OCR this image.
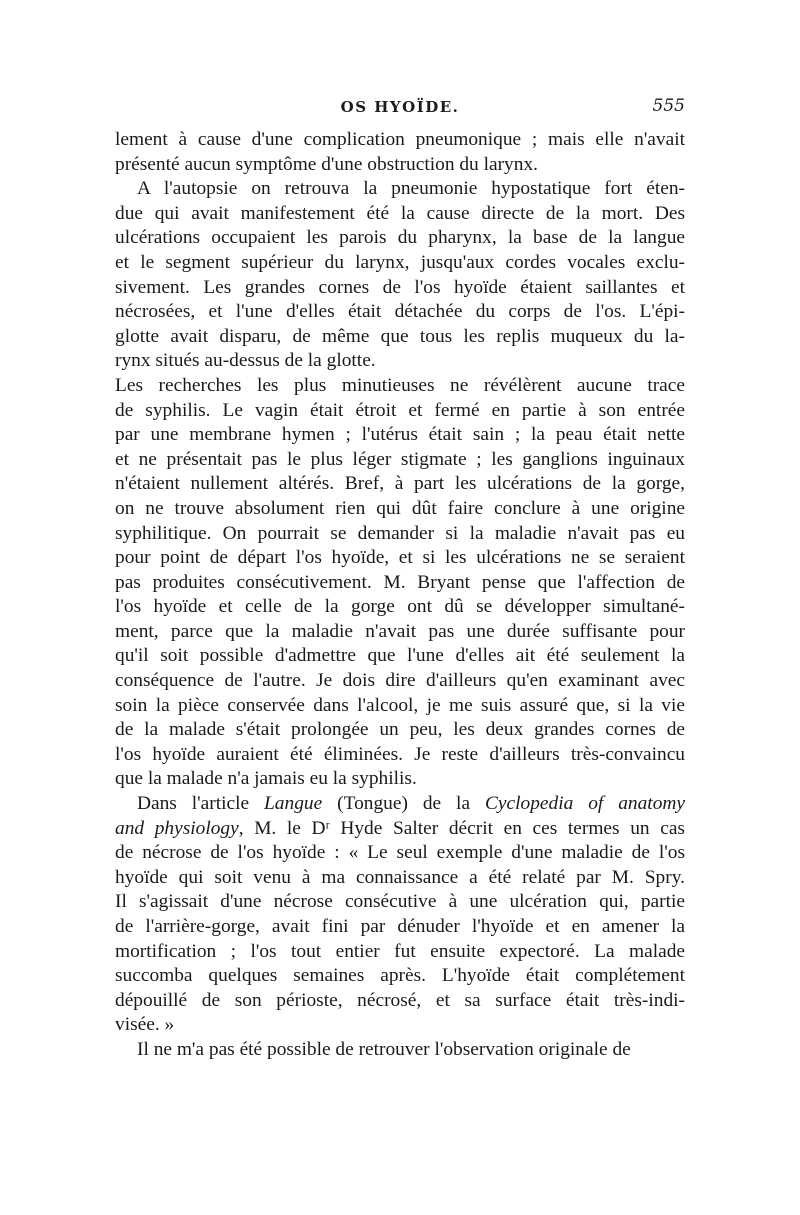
OS HYOÏDE.	555
lement à cause d'une complication pneumonique ; mais elle n'avait
présenté aucun symptôme d'une obstruction du larynx.
A l'autopsie on retrouva la pneumonie hypostatique fort éten-
due qui avait manifestement été la cause directe de la mort. Des
ulcérations occupaient les parois du pharynx, la base de la langue
et le segment supérieur du larynx, jusqu'aux cordes vocales exclu-
sivement. Les grandes cornes de l'os hyoïde étaient saillantes et
nécrosées, et l'une d'elles était détachée du corps de l'os. L'épi-
glotte avait disparu, de même que tous les replis muqueux du la-
rynx situés au-dessus de la glotte.
Les recherches les plus minutieuses ne révélèrent aucune trace
de syphilis. Le vagin était étroit et fermé en partie à son entrée
par une membrane hymen ; l'utérus était sain ; la peau était nette
et ne présentait pas le plus léger stigmate ; les ganglions inguinaux
n'étaient nullement altérés. Bref, à part les ulcérations de la gorge,
on ne trouve absolument rien qui dût faire conclure à une origine
syphilitique. On pourrait se demander si la maladie n'avait pas eu
pour point de départ l'os hyoïde, et si les ulcérations ne se seraient
pas produites consécutivement. M. Bryant pense que l'affection de
l'os hyoïde et celle de la gorge ont dû se développer simultané-
ment, parce que la maladie n'avait pas une durée suffisante pour
qu'il soit possible d'admettre que l'une d'elles ait été seulement la
conséquence de l'autre. Je dois dire d'ailleurs qu'en examinant avec
soin la pièce conservée dans l'alcool, je me suis assuré que, si la vie
de la malade s'était prolongée un peu, les deux grandes cornes de
l'os hyoïde auraient été éliminées. Je reste d'ailleurs très-convaincu
que la malade n'a jamais eu la syphilis.
Dans l'article Langue (Tongue) de la Cyclopedia of anatomy
and physiology, M. le Dʳ Hyde Salter décrit en ces termes un cas
de nécrose de l'os hyoïde : « Le seul exemple d'une maladie de l'os
hyoïde qui soit venu à ma connaissance a été relaté par M. Spry.
Il s'agissait d'une nécrose consécutive à une ulcération qui, partie
de l'arrière-gorge, avait fini par dénuder l'hyoïde et en amener la
mortification ; l'os tout entier fut ensuite expectoré. La malade
succomba quelques semaines après. L'hyoïde était complétement
dépouillé de son périoste, nécrosé, et sa surface était très-indi-
visée. »
Il ne m'a pas été possible de retrouver l'observation originale de
